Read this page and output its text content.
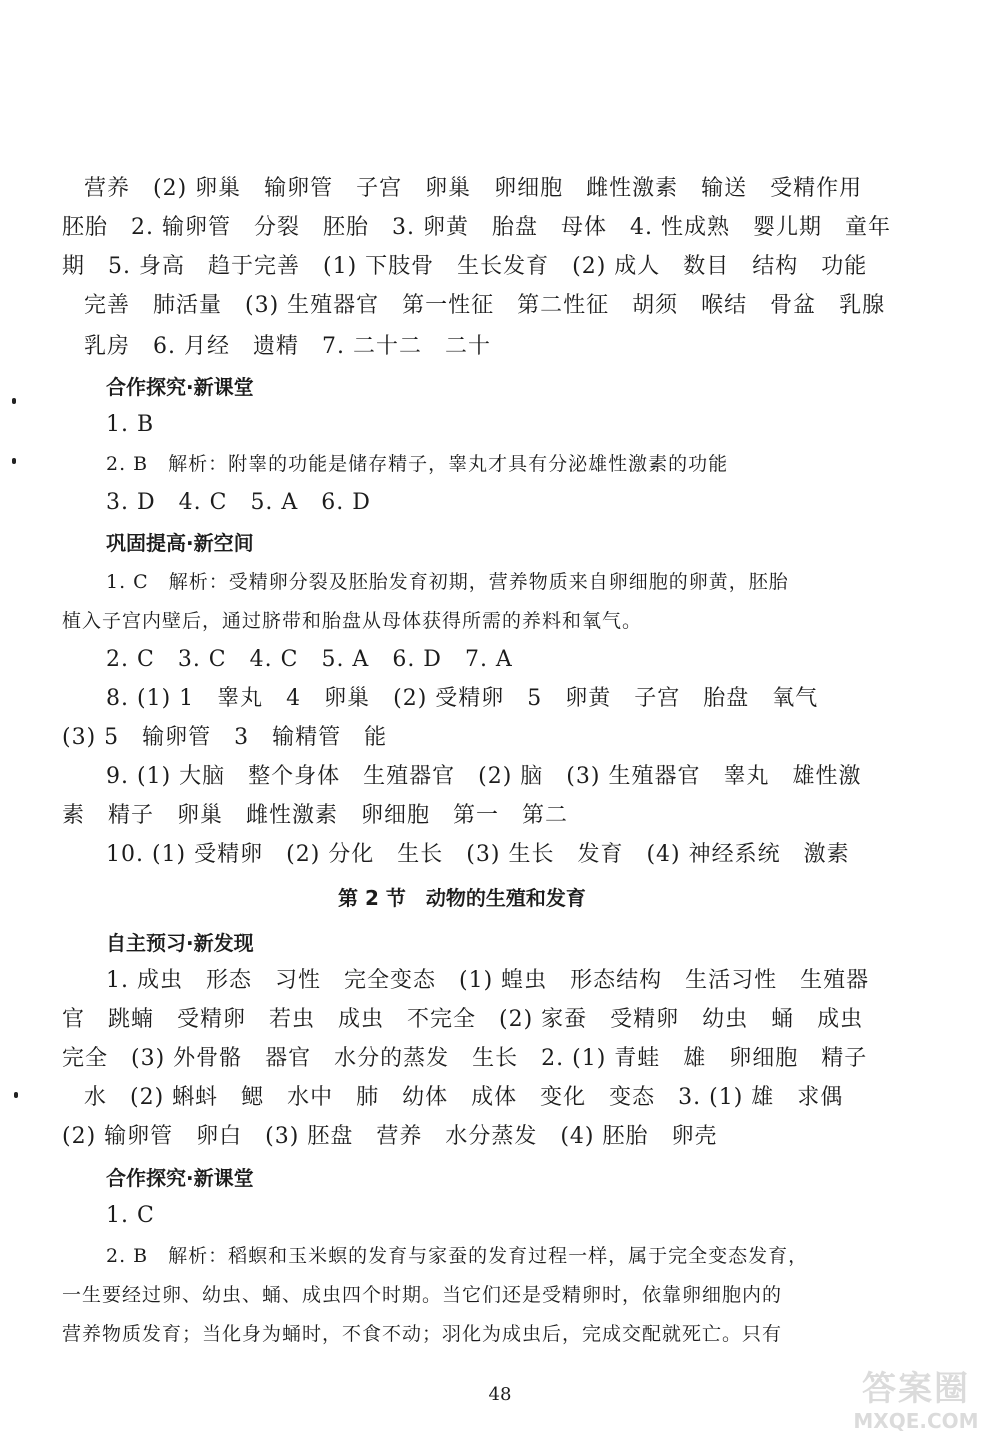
营养　(2) 卵巢　输卵管　子宫　卵巢　卵细胞　雌性激素　输送　受精作用
胚胎　2. 输卵管　分裂　胚胎　3. 卵黄　胎盘　母体　4. 性成熟　婴儿期　童年
期　5. 身高　趋于完善　(1) 下肢骨　生长发育　(2) 成人　数目　结构　功能
完善　肺活量　(3) 生殖器官　第一性征　第二性征　胡须　喉结　骨盆　乳腺
乳房　6. 月经　遗精　7. 二十二　二十
合作探究·新课堂
1. B
2. B　解析：附睾的功能是储存精子，睾丸才具有分泌雄性激素的功能
3. D　4. C　5. A　6. D
巩固提高·新空间
1. C　解析：受精卵分裂及胚胎发育初期，营养物质来自卵细胞的卵黄，胚胎
植入子宫内壁后，通过脐带和胎盘从母体获得所需的养料和氧气。
2. C　3. C　4. C　5. A　6. D　7. A
8. (1) 1　睾丸　4　卵巢　(2) 受精卵　5　卵黄　子宫　胎盘　氧气
(3) 5　输卵管　3　输精管　能
9. (1) 大脑　整个身体　生殖器官　(2) 脑　(3) 生殖器官　睾丸　雄性激
素　精子　卵巢　雌性激素　卵细胞　第一　第二
10. (1) 受精卵　(2) 分化　生长　(3) 生长　发育　(4) 神经系统　激素
第 2 节　动物的生殖和发育
自主预习·新发现
1. 成虫　形态　习性　完全变态　(1) 蝗虫　形态结构　生活习性　生殖器
官　跳蝻　受精卵　若虫　成虫　不完全　(2) 家蚕　受精卵　幼虫　蛹　成虫
完全　(3) 外骨骼　器官　水分的蒸发　生长　2. (1) 青蛙　雄　卵细胞　精子
水　(2) 蝌蚪　鳃　水中　肺　幼体　成体　变化　变态　3. (1) 雄　求偶
(2) 输卵管　卵白　(3) 胚盘　营养　水分蒸发　(4) 胚胎　卵壳
合作探究·新课堂
1. C
2. B　解析：稻螟和玉米螟的发育与家蚕的发育过程一样，属于完全变态发育，
一生要经过卵、幼虫、蛹、成虫四个时期。当它们还是受精卵时，依靠卵细胞内的
营养物质发育；当化身为蛹时，不食不动；羽化为成虫后，完成交配就死亡。只有
48	答案圈
MXQE.COM
